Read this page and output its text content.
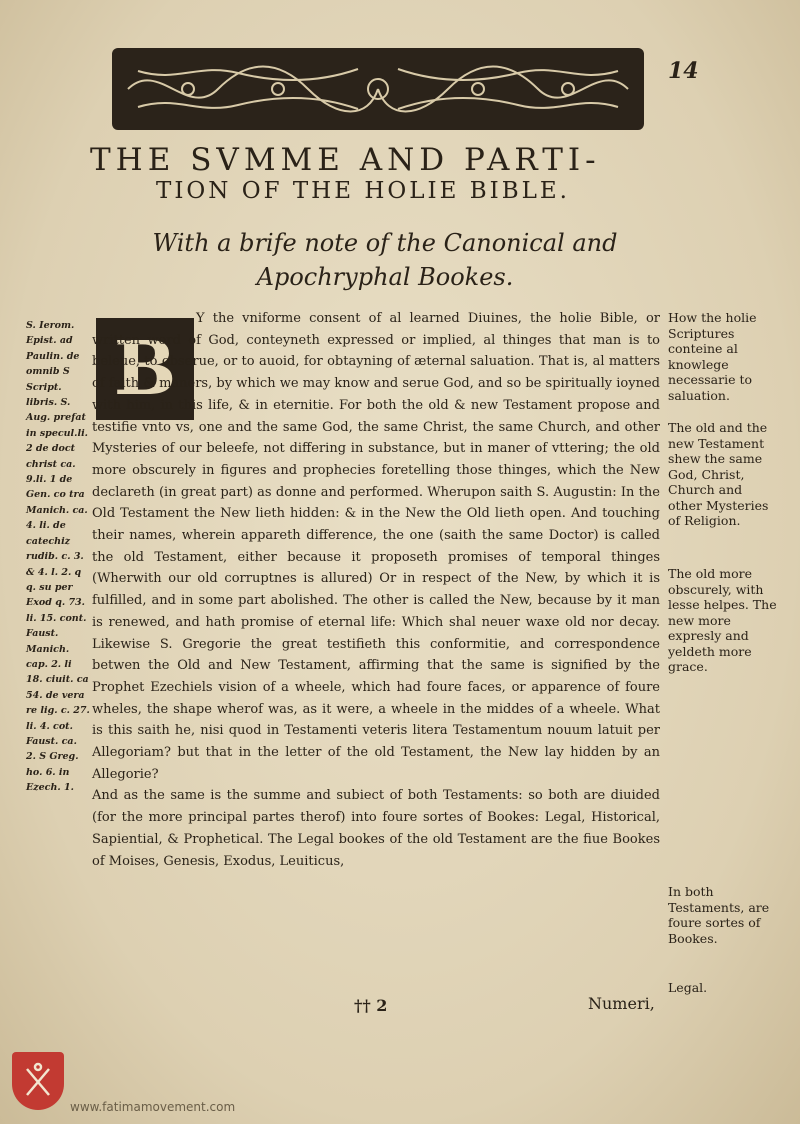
14
THE SVMME AND PARTI-
TION OF THE HOLIE BIBLE.
With a brife note of the Canonical and Apochryphal Bookes.
B

Y the vniforme consent of al learned Diuines, the holie Bible, or written word of God, conteyneth expressed or implied, al thinges that man is to beleue, to obserue, or to auoid, for obtayning of æternal saluation. That is, al matters of faith & maners, by which we may know and serue God, and so be spiritually ioyned with him, in this life, & in eternitie. For both the old & new Testament propose and testifie vnto vs, one and the same God, the same Christ, the same Church, and other Mysteries of our beleefe, not differing in substance, but in maner of vttering; the old more obscurely in figures and prophecies foretelling those thinges, which the New declareth (in great part) as donne and performed. Wherupon saith S. Augustin: In the Old Testament the New lieth hidden: & in the New the Old lieth open. And touching their names, wherein appareth difference, the one (saith the same Doctor) is called the old Testament, either because it proposeth promises of temporal thinges (Wherwith our old corruptnes is allured) Or in respect of the New, by which it is fulfilled, and in some part abolished. The other is called the New, because by it man is renewed, and hath promise of eternal life: Which shal neuer waxe old nor decay. Likewise S. Gregorie the great testifieth this conformitie, and correspondence betwen the Old and New Testament, affirming that the same is signified by the Prophet Ezechiels vision of a wheele, which had foure faces, or apparence of foure wheles, the shape wherof was, as it were, a wheele in the middes of a wheele. What is this saith he, nisi quod in Testamenti veteris litera Testamentum nouum latuit per Allegoriam? but that in the letter of the old Testament, the New lay hidden by an Allegorie?

And as the same is the summe and subiect of both Testaments: so both are diuided (for the more principal partes therof) into foure sortes of Bookes: Legal, Historical, Sapiential, & Prophetical. The Legal bookes of the old Testament are the fiue Bookes of Moises, Genesis, Exodus, Leuiticus,

S. Ierom. Epist. ad Paulin. de omnib S Script. libris. S. Aug. prefat in specul.li. 2 de doct christ ca. 9.li. 1 de Gen. co tra Manich. ca. 4. li. de catechiz rudib. c. 3. & 4. l. 2. q q. su per Exod q. 73. li. 15. cont. Faust. Manich. cap. 2. li 18. ciuit. ca 54. de vera re lig. c. 27. li. 4. cot. Faust. ca. 2. S Greg. ho. 6. in Ezech. 1.
How the holie Scriptures conteine al knowlege necessarie to saluation.
The old and the new Testament shew the same God, Christ, Church and other Mysteries of Religion.
The old more obscurely, with lesse helpes. The new more expresly and yeldeth more grace.
In both Testaments, are foure sortes of Bookes.
Legal.
†† 2	Numeri,
www.fatimamovement.com
